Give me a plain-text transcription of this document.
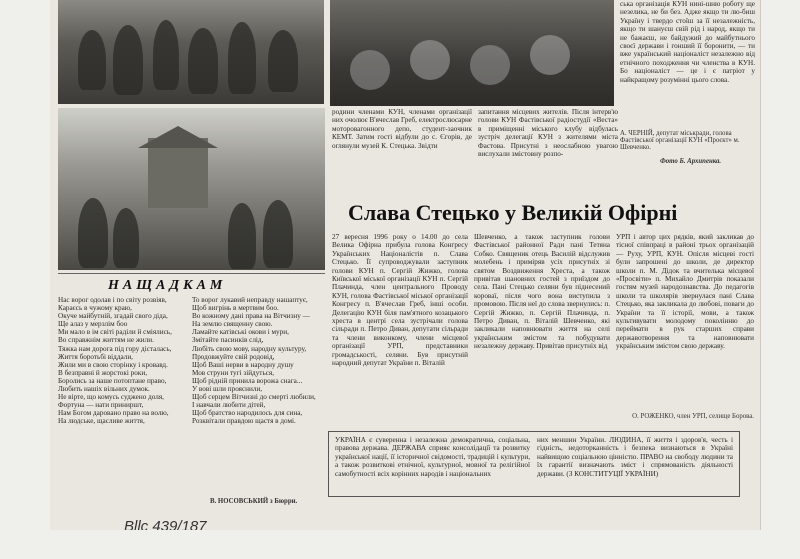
ська організація КУН нині-шню роботу ще незелика, не би без. Адже якщо ти лю-биш Україну і твердо стоїш за її незалежність, якщо ти шануєш свій рід і народ, якщо ти не бажаєш, не байдужий до майбутнього своєї держави і гонший її боронити, — ти вже український націоналіст незалежно від етнічного походження чи членства в КУН. Бо націоналіст — це і є патріот у найкращому розумінні цього слова.
А. ЧЕРНІЙ, депутат міськради, голова Фастівської організації КУН «Проєкт» м. Шевченко.
Фото Б. Архипенка.
родини членами КУН, членами організації них очолює В'ячеслав Греб, електрослюсарне моторовагонного депо, студент-заочник КЕМТ. Затим гості відбули до с. Єгорів, де оглянули музей К. Стецька. Звідти
запитання місцевих жителів. Після інтерв'ю голови КУН Фастівської радіостудії «Веста» в приміщенні міського клубу відбулась зустріч делегації КУН з жителями міста Фастова. Присутні з неослабною увагою вислухали змістовну розпо-
Слава Стецько у Великій Офірні
27 вересня 1996 року о 14.00 до села Велика Офірна прибула голова Конгресу Українських Націоналістів п. Слава Стецько. Її супроводжували заступник голови КУН п. Сергій Жижко, голова Київської міської організації КУН п. Сергій Плачинда, член центрального Проводу КУН, голова Фастівської міської організації Конгресу п. В'ячеслав Греб, інші особи. Делегацію КУН біля пам'ятного козацького хреста в центрі села зустрічали голова сільради п. Петро Диван, депутати сільради та члени виконкому, члени місцевої організації УРП, представники громадськості, селяни. Був присутній народний депутат України п. Віталій
Шевченко, а також заступник голови Фастівської районної Ради пані Тетяна Собко. Священик отець Василій відслужив молебень і приміряв усіх присутніх зі святом Воздвиження Хреста, а також привітав шановних гостей з приїздом до села. Пані Стецько селяни був піднесений короваї, після чого вона виступила з промовою. Після неї до слова звернулись: п. Сергій Жижко, п. Сергій Плачинда, п. Петро Диван, п. Віталій Шевченко, які закликали наповнювати життя на селі українським змістом та побудувати незалежну державу. Привітав присутніх від
УРП і автор цих рядків, який закликав до тісної співпраці в районі трьох організацій — Руху, УРП, КУН. Опісля місцеві гості були запрошені до школи, де директор школи п. М. Дідок та вчителька місцевої «Просвіти» п. Михайло Дмитрів показали гостям музей народознавства. До педагогів школи та школярів звернулася пані Слава Стецько, яка закликала до любові, поваги до України та її історії, мови, а також культивувати молодому поколінню до переймати в рук старших справи державотворення та наповнювати українським змістом свою державу.
О. РОЖЕНКО, член УРП, селище Борова.
НАЩАДКАМ
Нас ворог одолав і по світу розвіяв,
Караєсь в чужому краю,
Окуче майбутній, згадай свого діда,
Ще алаз у мерзлім боо
Ми мало в ім світі раділи й сміялись,
Во справжнім життям не жили.
Тяжка нам дорога під гору дісталась,
Життя боротьбі віддали,
Жили ми в свою сторінку і кровавд.
В безправні й жорстокі роки,
Боролись за наше потоптане право,
Любить нашіх вільних думок.
Не вірте, що комусь суджено доля,
Фортуна — нати приниршт,
Нам Богом даровано право на волю,
На людське, щасливе життя,
То ворог лукавий неправду нашаптує,
Щоб вигрінь в мертвим боо.
Во кожному дані права на Вітчизну —
На землю священну свою.
Ламайте катівські окови і мури,
Змітайте пасинків слід,
Любіть свою мову, народну культуру,
Продовжуйте свій родовід,
Щоб Ваші нерви в народну душу
Мов струни тугі зійдуться,
Щоб рідній принила ворожа снага...
У вові шли прояснили,
Щоб серцем Вітчизні до смерті любили,
І навчали любити дітей,
Щоб братство народилось для сина,
Розквітали правдою щастя в домі.
В. НОСОВСЬКИЙ з Бюрри.
УКРАЇНА є суверенна і незалежна демократична, соціальна, правова держава. ДЕРЖАВА сприяє консолідації та розвитку української нації, її історичної свідомості, традицій і культури, а також розвиткові етнічної, культурної, мовної та релігійної самобутності всіх корінних народів і національних
них меншин України. ЛЮДИНА, її життя і здоров'я, честь і гідність, недоторканність і безпека визнаються в Україні найвищою соціальною цінністю. ПРАВО на свободу людини та їх гарантії визначають зміст і спрямованість діяльності держави. (З КОНСТИТУЦІЇ УКРАЇНИ)
Bllc 439/187
